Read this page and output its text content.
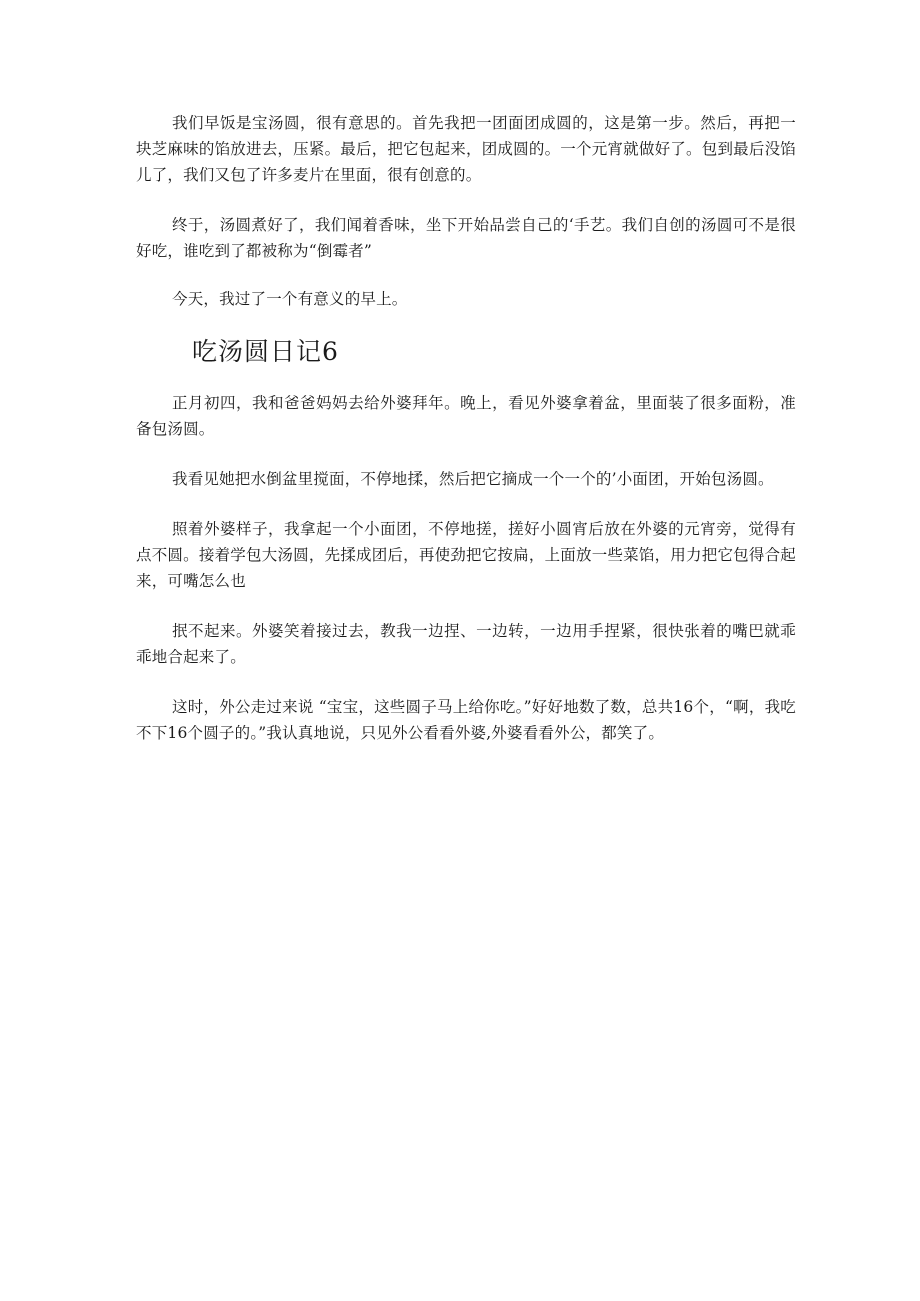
我们早饭是宝汤圆，很有意思的。首先我把一团面团成圆的，这是第一步。然后，再把一块芝麻味的馅放进去，压紧。最后，把它包起来，团成圆的。一个元宵就做好了。包到最后没馅儿了，我们又包了许多麦片在里面，很有创意的。

终于，汤圆煮好了，我们闻着香味，坐下开始品尝自己的‘手艺。我们自创的汤圆可不是很好吃，谁吃到了都被称为“倒霉者”

今天，我过了一个有意义的早上。

吃汤圆日记6

正月初四，我和爸爸妈妈去给外婆拜年。晚上，看见外婆拿着盆，里面装了很多面粉，准备包汤圆。

我看见她把水倒盆里搅面，不停地揉，然后把它摘成一个一个的’小面团，开始包汤圆。

照着外婆样子，我拿起一个小面团，不停地搓，搓好小圆宵后放在外婆的元宵旁，觉得有点不圆。接着学包大汤圆，先揉成团后，再使劲把它按扁，上面放一些菜馅，用力把它包得合起来，可嘴怎么也

抿不起来。外婆笑着接过去，教我一边捏、一边转，一边用手捏紧，很快张着的嘴巴就乖乖地合起来了。

这时，外公走过来说 “宝宝，这些圆子马上给你吃。”好好地数了数，总共16个，“啊，我吃不下16个圆子的。”我认真地说，只见外公看看外婆,外婆看看外公，都笑了。
